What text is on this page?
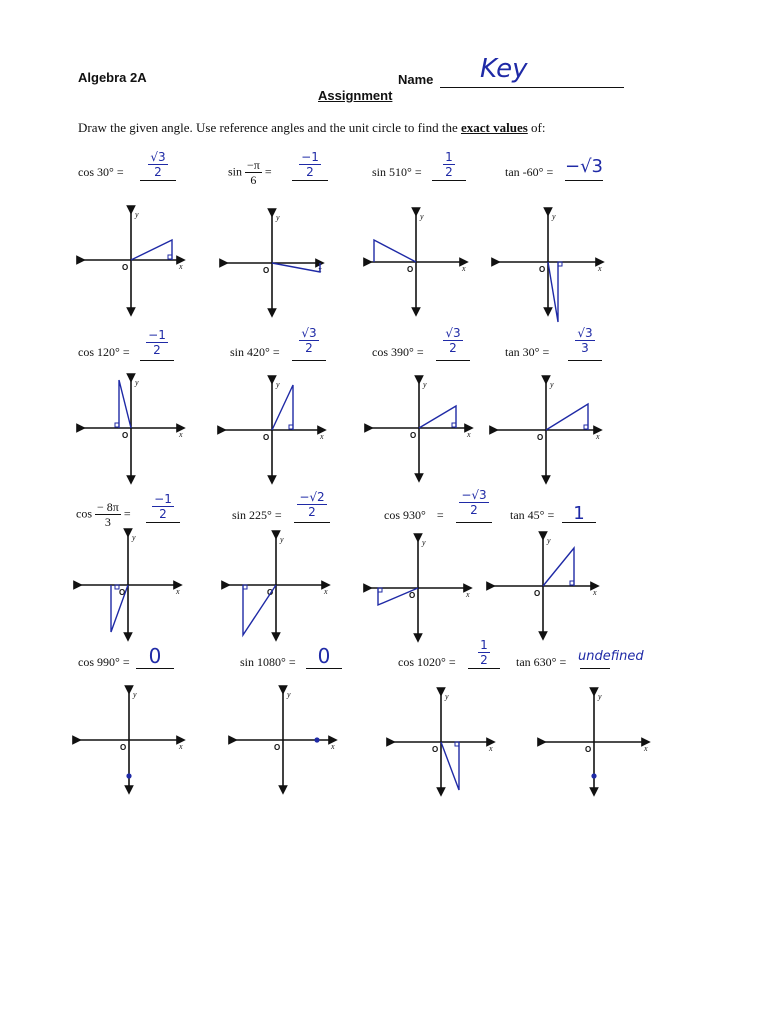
Algebra 2A	Name Key
Assignment
Draw the given angle. Use reference angles and the unit circle to find the exact values of:
$\cos 30^\circ = \frac{√3}{2}$	$\sin \frac{-\pi}{6} = \frac{-1}{2}$	$\sin 510^\circ = \frac{1}{2}$	tan -60° = −√3
$\cos 120^\circ = \frac{-1}{2}$	$\sin 420^\circ = \frac{√3}{2}$	$\cos 390^\circ = \frac{√3}{2}$	$\tan 30^\circ = \frac{√3}{3}$
$\cos \frac{- 8\pi}{3} = \frac{-1}{2}$	$\sin 225^\circ = \frac{-√2}{2}$	$\cos 930^\circ = \frac{-√3}{2}$ tan 45° =	1
cos 990° = 0	sin 1080° =	0	$\cos 1020^\circ = \frac{1}{2}$ tan 630° = undefined
x
y
O	x
y
O	x
y
O	x
y
O
x
y
O	x
y
O	x
y
O	x
y
O
x
y
O	x
y
O	x
y
O	x
y
O
x
y
O	x
y
O	x
y
O	x
y
O
